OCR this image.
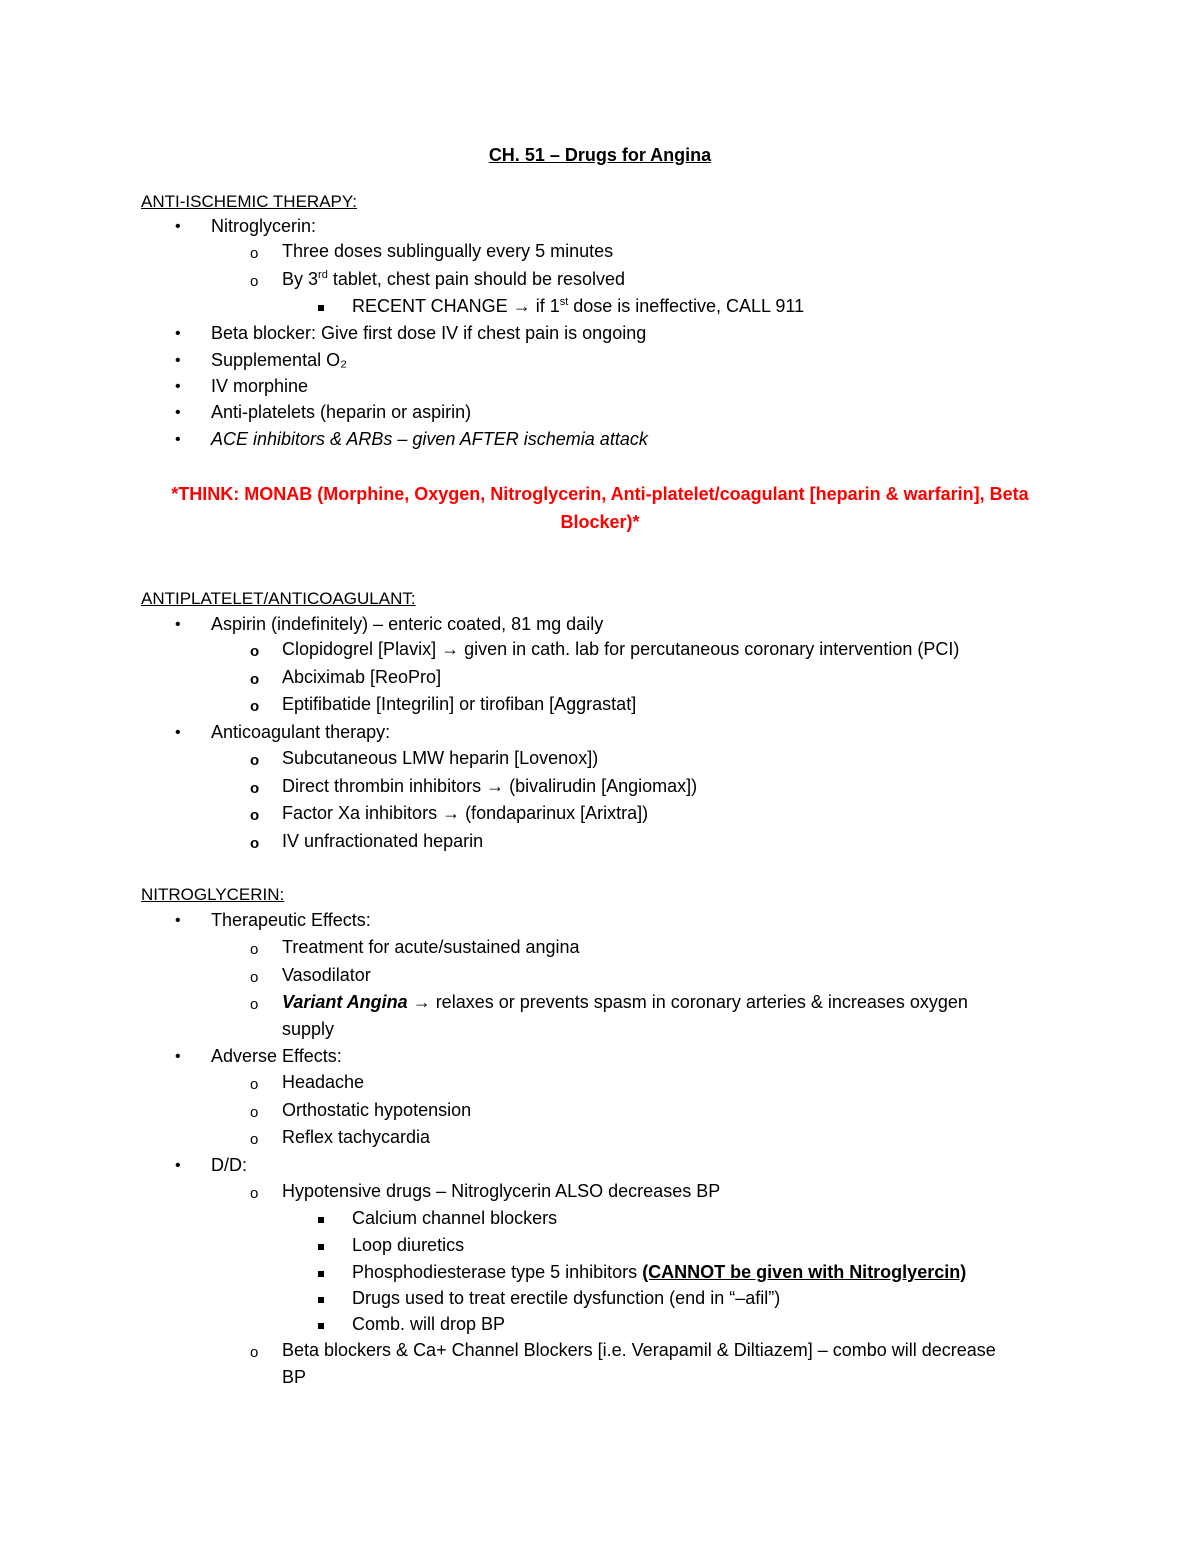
CH. 51 – Drugs for Angina
ANTI-ISCHEMIC THERAPY:
• Nitroglycerin:
o Three doses sublingually every 5 minutes
o By 3rd tablet, chest pain should be resolved
RECENT CHANGE → if 1st dose is ineffective, CALL 911
• Beta blocker: Give first dose IV if chest pain is ongoing
• Supplemental O₂
• IV morphine
• Anti-platelets (heparin or aspirin)
• ACE inhibitors & ARBs – given AFTER ischemia attack
*THINK: MONAB (Morphine, Oxygen, Nitroglycerin, Anti-platelet/coagulant [heparin & warfarin], Beta
Blocker)*
ANTIPLATELET/ANTICOAGULANT:
• Aspirin (indefinitely) – enteric coated, 81 mg daily
o Clopidogrel [Plavix] → given in cath. lab for percutaneous coronary intervention (PCI)
o Abciximab [ReoPro]
o Eptifibatide [Integrilin] or tirofiban [Aggrastat]
• Anticoagulant therapy:
o Subcutaneous LMW heparin [Lovenox])
o Direct thrombin inhibitors → (bivalirudin [Angiomax])
o Factor Xa inhibitors → (fondaparinux [Arixtra])
o IV unfractionated heparin
NITROGLYCERIN:
• Therapeutic Effects:
o Treatment for acute/sustained angina
o Vasodilator
o Variant Angina → relaxes or prevents spasm in coronary arteries & increases oxygen
supply
• Adverse Effects:
o Headache
o Orthostatic hypotension
o Reflex tachycardia
• D/D:
o Hypotensive drugs – Nitroglycerin ALSO decreases BP
Calcium channel blockers
Loop diuretics
Phosphodiesterase type 5 inhibitors (CANNOT be given with Nitroglyercin)
Drugs used to treat erectile dysfunction (end in “–afil”)
Comb. will drop BP
o Beta blockers & Ca+ Channel Blockers [i.e. Verapamil & Diltiazem] – combo will decrease
BP
